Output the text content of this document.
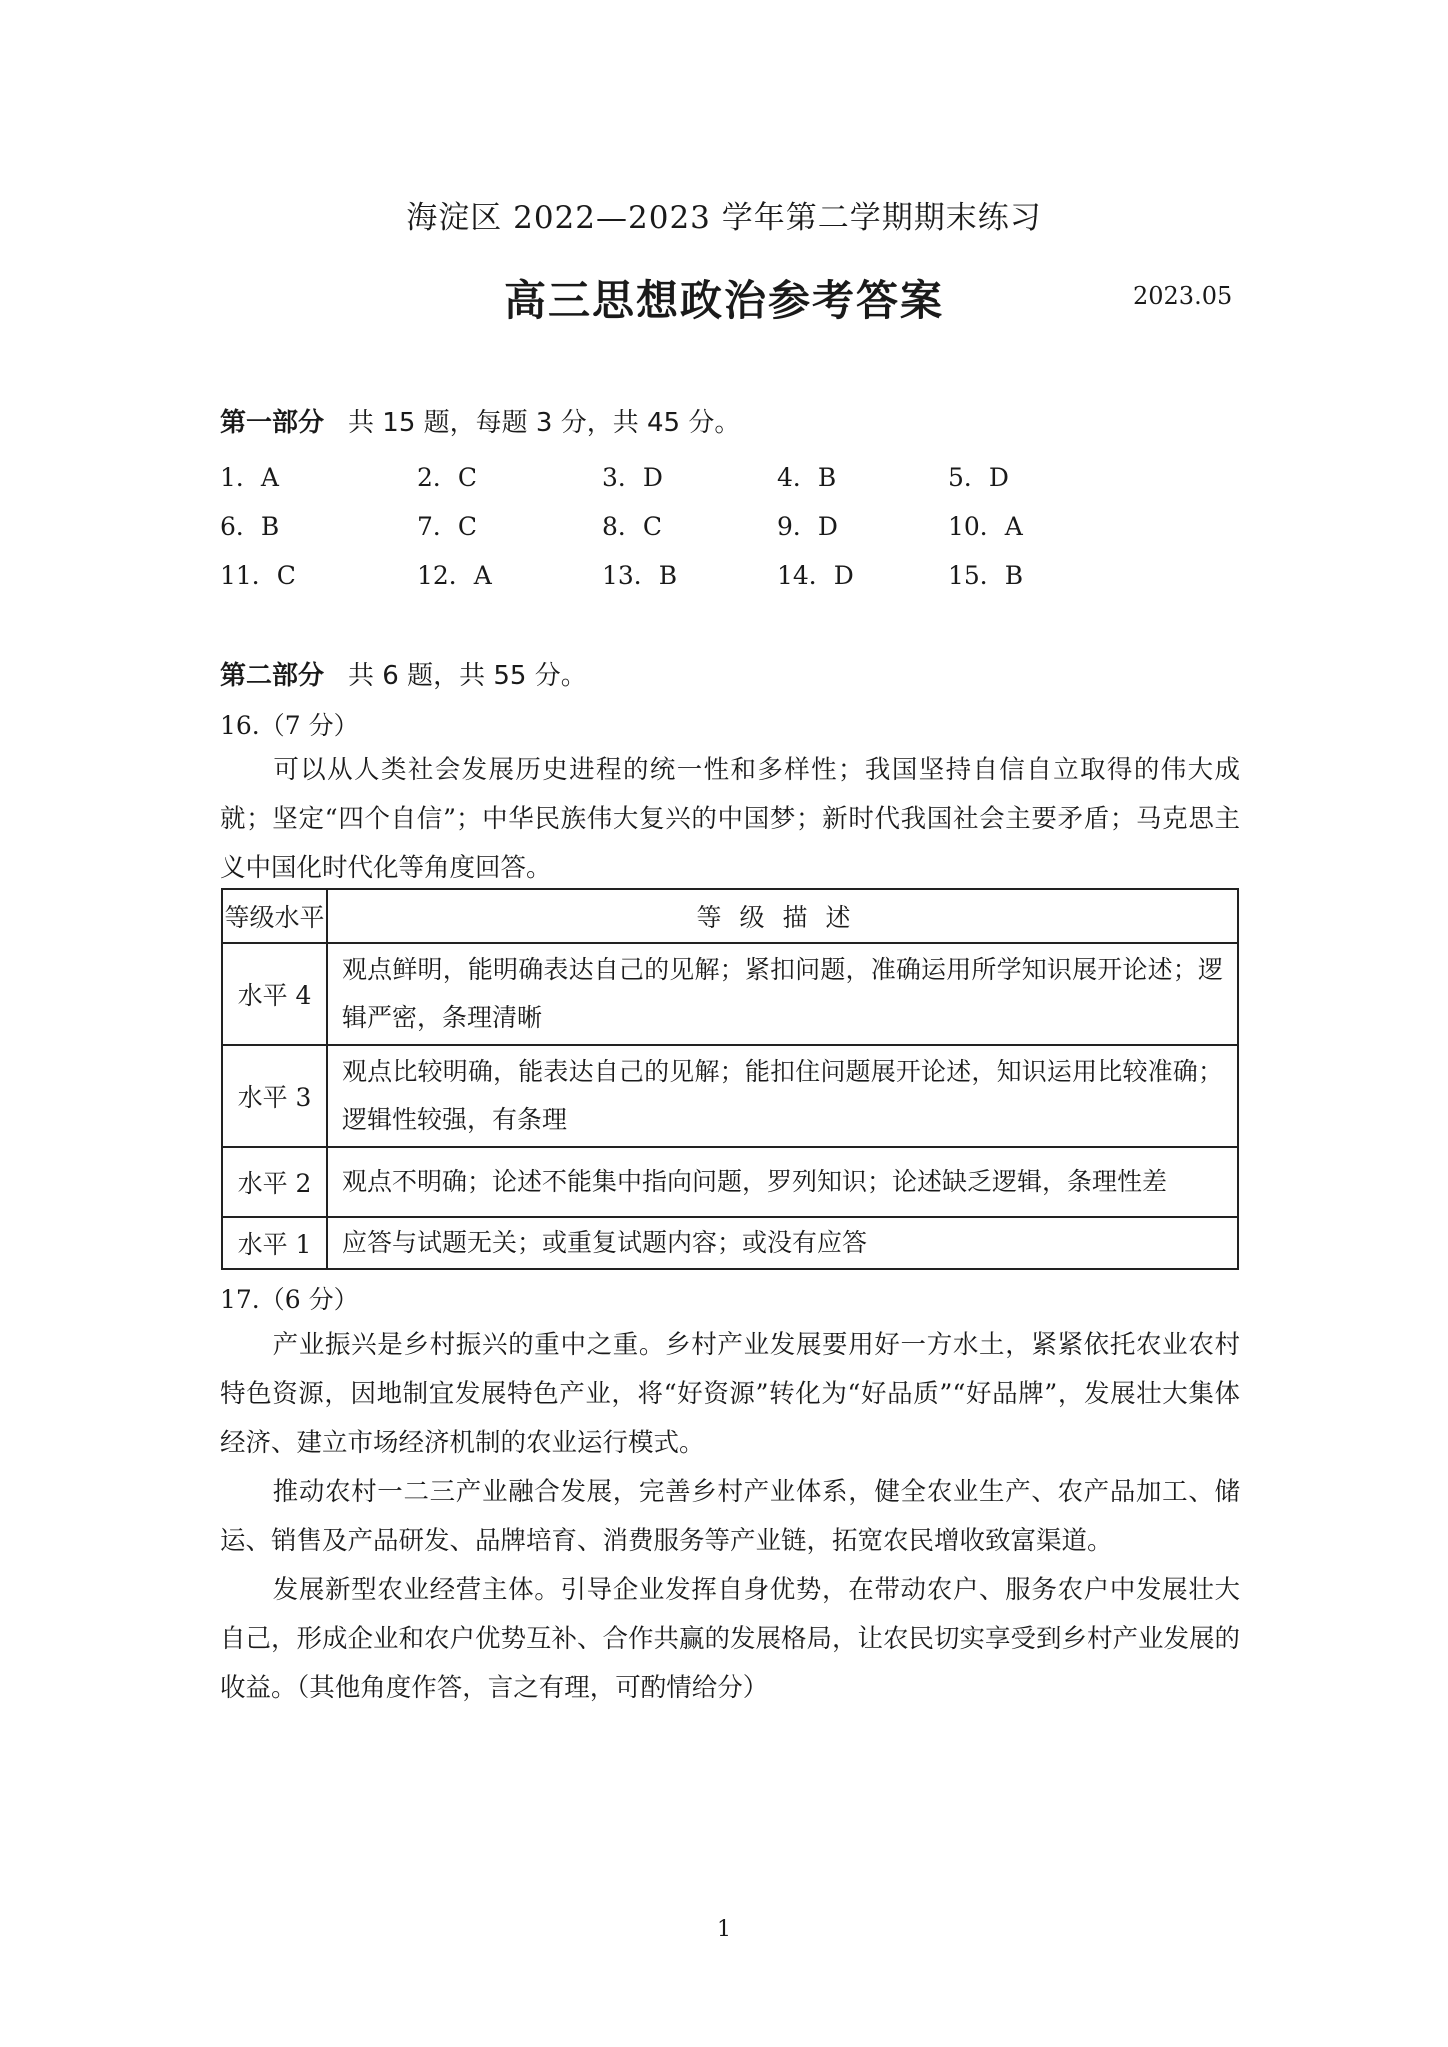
海淀区 2022—2023 学年第二学期期末练习
高三思想政治参考答案	2023.05
第一部分 共 15 题，每题 3 分，共 45 分。
1．A	2．C	3．D	4．B	5．D
6．B	7．C	8．C	9．D	10．A
11．C	12．A	13．B	14．D	15．B
第二部分 共 6 题，共 55 分。
16.（7 分）
可以从人类社会发展历史进程的统一性和多样性；我国坚持自信自立取得的伟大成就；坚定“四个自信”；中华民族伟大复兴的中国梦；新时代我国社会主要矛盾；马克思主义中国化时代化等角度回答。
等级水平	等级描述
水平 4	观点鲜明，能明确表达自己的见解；紧扣问题，准确运用所学知识展开论述；逻辑严密，条理清晰
水平 3	观点比较明确，能表达自己的见解；能扣住问题展开论述，知识运用比较准确；逻辑性较强，有条理
水平 2	观点不明确；论述不能集中指向问题，罗列知识；论述缺乏逻辑，条理性差
水平 1	应答与试题无关；或重复试题内容；或没有应答
17.（6 分）
产业振兴是乡村振兴的重中之重。乡村产业发展要用好一方水土，紧紧依托农业农村特色资源，因地制宜发展特色产业，将“好资源”转化为“好品质”“好品牌”，发展壮大集体经济、建立市场经济机制的农业运行模式。
推动农村一二三产业融合发展，完善乡村产业体系，健全农业生产、农产品加工、储运、销售及产品研发、品牌培育、消费服务等产业链，拓宽农民增收致富渠道。
发展新型农业经营主体。引导企业发挥自身优势，在带动农户、服务农户中发展壮大自己，形成企业和农户优势互补、合作共赢的发展格局，让农民切实享受到乡村产业发展的收益。（其他角度作答，言之有理，可酌情给分）
1
